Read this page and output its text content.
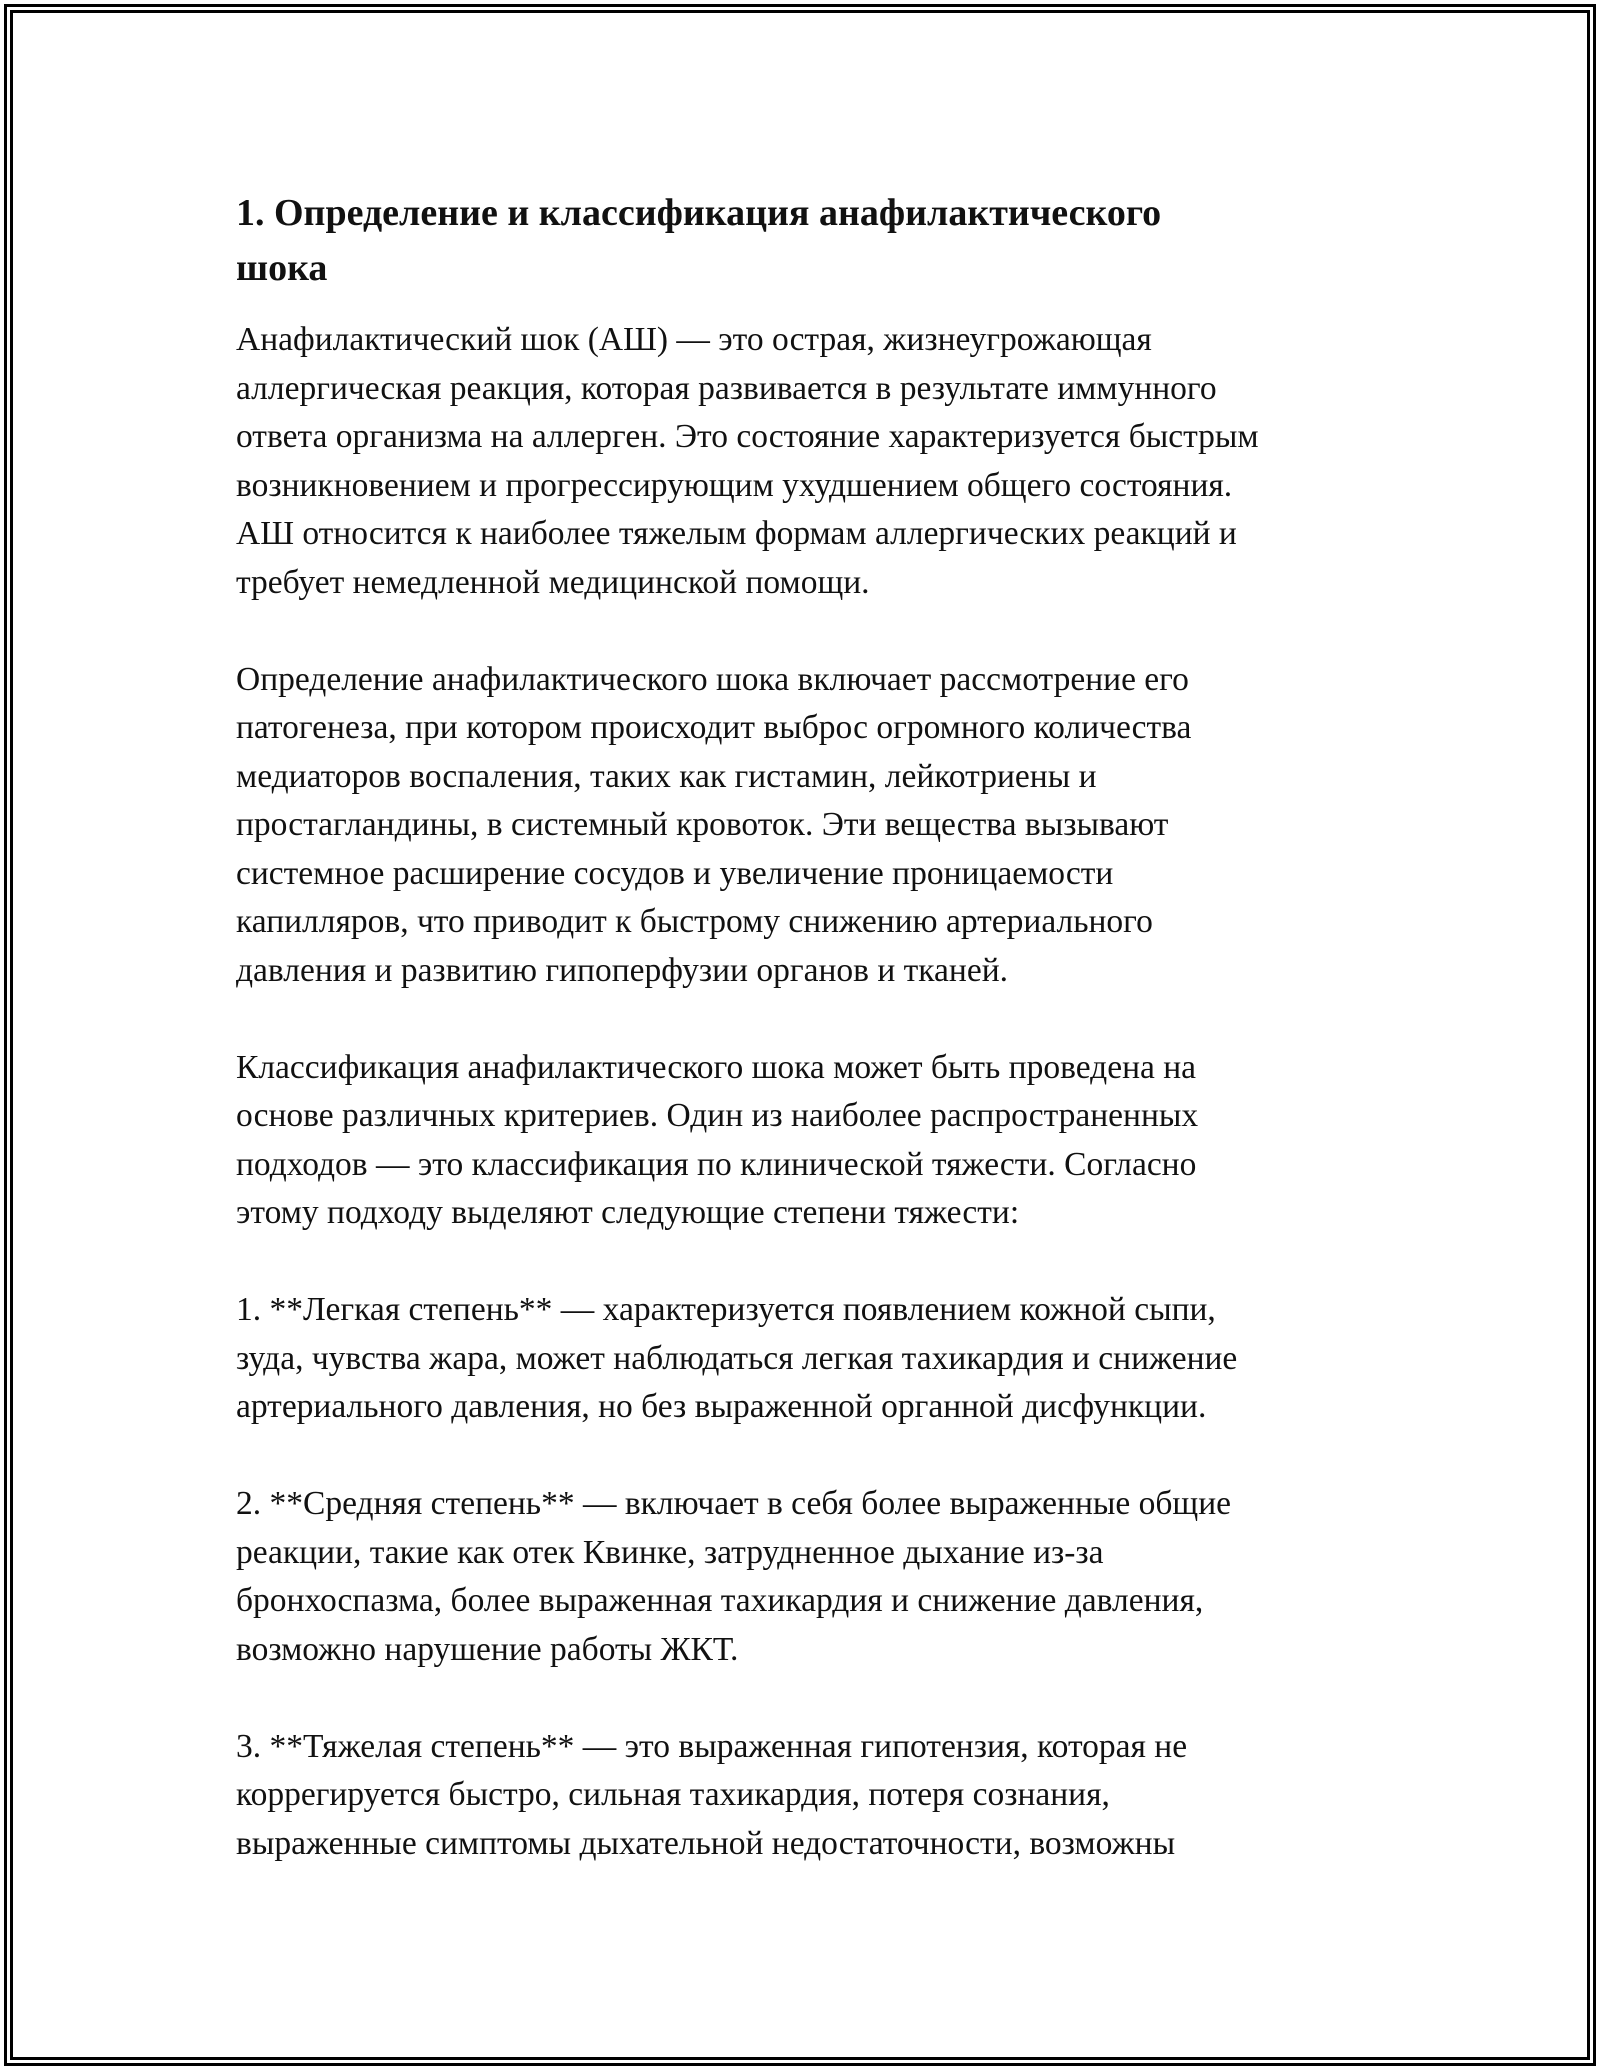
1. Определение и классификация анафилактического
шока

Анафилактический шок (АШ) — это острая, жизнеугрожающая
аллергическая реакция, которая развивается в результате иммунного
ответа организма на аллерген. Это состояние характеризуется быстрым
возникновением и прогрессирующим ухудшением общего состояния.
АШ относится к наиболее тяжелым формам аллергических реакций и
требует немедленной медицинской помощи.

Определение анафилактического шока включает рассмотрение его
патогенеза, при котором происходит выброс огромного количества
медиаторов воспаления, таких как гистамин, лейкотриены и
простагландины, в системный кровоток. Эти вещества вызывают
системное расширение сосудов и увеличение проницаемости
капилляров, что приводит к быстрому снижению артериального
давления и развитию гипоперфузии органов и тканей.

Классификация анафилактического шока может быть проведена на
основе различных критериев. Один из наиболее распространенных
подходов — это классификация по клинической тяжести. Согласно
этому подходу выделяют следующие степени тяжести:

1. **Легкая степень** — характеризуется появлением кожной сыпи,
зуда, чувства жара, может наблюдаться легкая тахикардия и снижение
артериального давления, но без выраженной органной дисфункции.

2. **Средняя степень** — включает в себя более выраженные общие
реакции, такие как отек Квинке, затрудненное дыхание из-за
бронхоспазма, более выраженная тахикардия и снижение давления,
возможно нарушение работы ЖКТ.

3. **Тяжелая степень** — это выраженная гипотензия, которая не
коррегируется быстро, сильная тахикардия, потеря сознания,
выраженные симптомы дыхательной недостаточности, возможны
